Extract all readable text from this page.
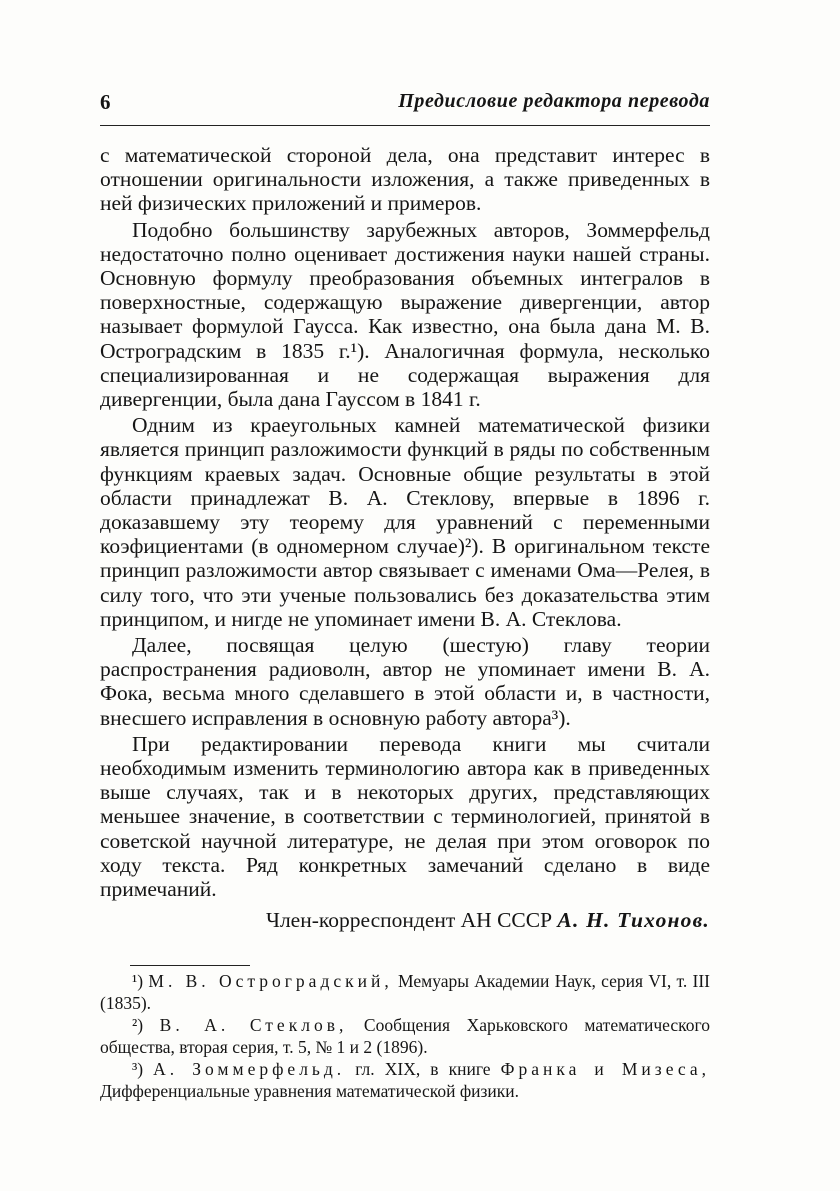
6	Предисловие редактора перевода

с математической стороной дела, она представит интерес в отношении оригинальности изложения, а также приведенных в ней физических приложений и примеров.

Подобно большинству зарубежных авторов, Зоммерфельд недостаточно полно оценивает достижения науки нашей страны. Основную формулу преобразования объемных интегралов в поверхностные, содержащую выражение дивергенции, автор называет формулой Гаусса. Как известно, она была дана М. В. Остроградским в 1835 г.¹). Аналогичная формула, несколько специализированная и не содержащая выражения для дивергенции, была дана Гауссом в 1841 г.

Одним из краеугольных камней математической физики является принцип разложимости функций в ряды по собственным функциям краевых задач. Основные общие результаты в этой области принадлежат В. А. Стеклову, впервые в 1896 г. доказавшему эту теорему для уравнений с переменными коэфициентами (в одномерном случае)²). В оригинальном тексте принцип разложимости автор связывает с именами Ома—Релея, в силу того, что эти ученые пользовались без доказательства этим принципом, и нигде не упоминает имени В. А. Стеклова.

Далее, посвящая целую (шестую) главу теории распространения радиоволн, автор не упоминает имени В. А. Фока, весьма много сделавшего в этой области и, в частности, внесшего исправления в основную работу автора³).

При редактировании перевода книги мы считали необходимым изменить терминологию автора как в приведенных выше случаях, так и в некоторых других, представляющих меньшее значение, в соответствии с терминологией, принятой в советской научной литературе, не делая при этом оговорок по ходу текста. Ряд конкретных замечаний сделано в виде примечаний.

Член-корреспондент АН СССР А. Н. Тихонов.

¹) М. В. Остроградский, Мемуары Академии Наук, серия VI, т. III (1835).

²) В. А. Стеклов, Сообщения Харьковского математического общества, вторая серия, т. 5, № 1 и 2 (1896).

³) А. Зоммерфельд. гл. XIX, в книге Франка и Мизеса, Дифференциальные уравнения математической физики.
